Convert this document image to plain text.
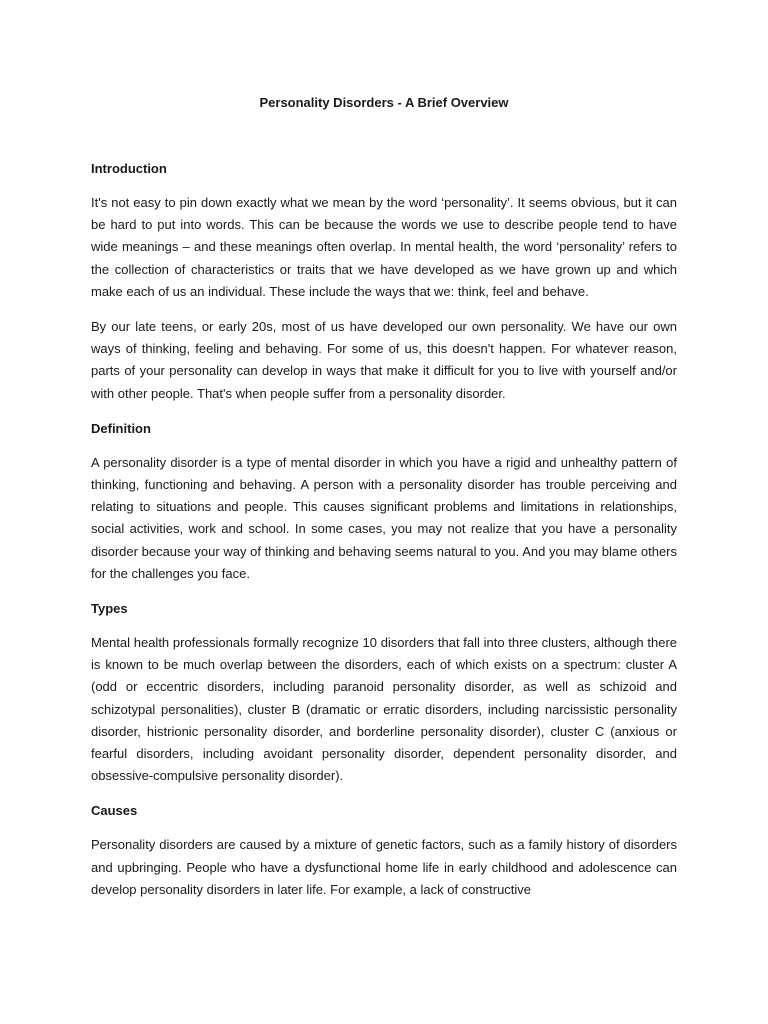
Personality Disorders - A Brief Overview
Introduction

It's not easy to pin down exactly what we mean by the word ‘personality’. It seems obvious, but it can be hard to put into words. This can be because the words we use to describe people tend to have wide meanings – and these meanings often overlap. In mental health, the word ‘personality’ refers to the collection of characteristics or traits that we have developed as we have grown up and which make each of us an individual. These include the ways that we: think, feel and behave.

By our late teens, or early 20s, most of us have developed our own personality. We have our own ways of thinking, feeling and behaving. For some of us, this doesn't happen. For whatever reason, parts of your personality can develop in ways that make it difficult for you to live with yourself and/or with other people. That's when people suffer from a personality disorder.

Definition

A personality disorder is a type of mental disorder in which you have a rigid and unhealthy pattern of thinking, functioning and behaving. A person with a personality disorder has trouble perceiving and relating to situations and people. This causes significant problems and limitations in relationships, social activities, work and school. In some cases, you may not realize that you have a personality disorder because your way of thinking and behaving seems natural to you. And you may blame others for the challenges you face.

Types

Mental health professionals formally recognize 10 disorders that fall into three clusters, although there is known to be much overlap between the disorders, each of which exists on a spectrum: cluster A (odd or eccentric disorders, including paranoid personality disorder, as well as schizoid and schizotypal personalities), cluster B (dramatic or erratic disorders, including narcissistic personality disorder, histrionic personality disorder, and borderline personality disorder), cluster C (anxious or fearful disorders, including avoidant personality disorder, dependent personality disorder, and obsessive-compulsive personality disorder).

Causes

Personality disorders are caused by a mixture of genetic factors, such as a family history of disorders and upbringing. People who have a dysfunctional home life in early childhood and adolescence can develop personality disorders in later life. For example, a lack of constructive
